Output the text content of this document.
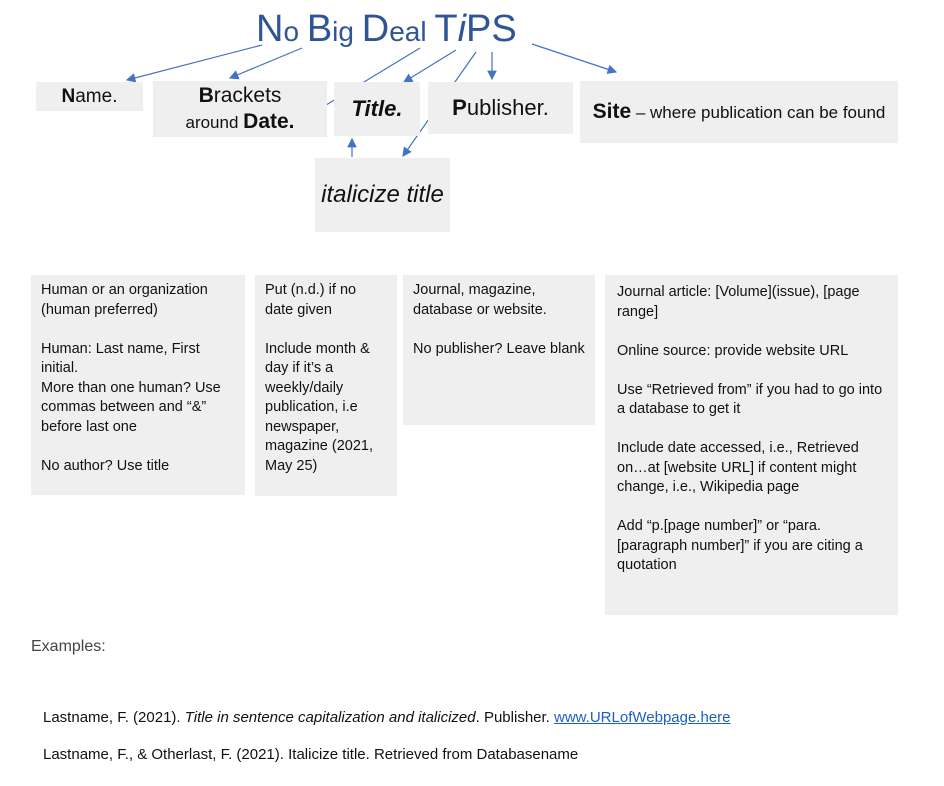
No Big Deal TiPS
Name.	Brackets
around Date.
Title. Publisher. Site – where publication can be found
italicize title
Human or an organization (human preferred)

Human: Last name, First initial.
More than one human? Use commas between and “&” before last one

No author? Use title
Put (n.d.) if no date given

Include month & day if it’s a weekly/daily publication, i.e newspaper, magazine (2021, May 25)
Journal, magazine, database or website.

No publisher? Leave blank
Journal article: [Volume](issue), [page range]

Online source: provide website URL

Use “Retrieved from” if you had to go into a database to get it

Include date accessed, i.e., Retrieved on…at [website URL] if content might change, i.e., Wikipedia page

Add “p.[page number]” or “para. [paragraph number]” if you are citing a quotation
Examples:
Lastname, F. (2021). Title in sentence capitalization and italicized. Publisher. www.URLofWebpage.here
Lastname, F., & Otherlast, F. (2021). Italicize title. Retrieved from Databasename
